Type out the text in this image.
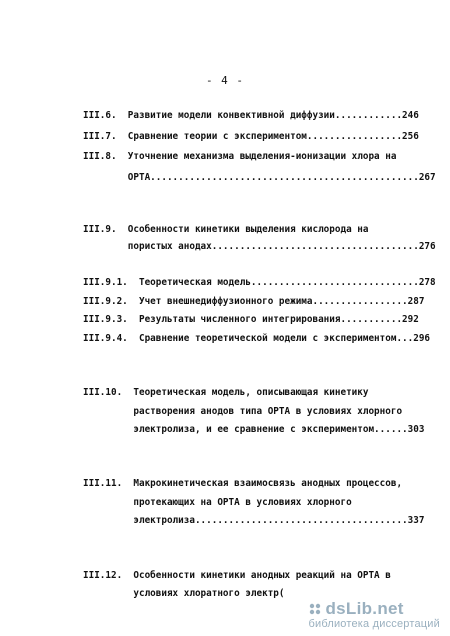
- 4 -
III.6.  Развитие модели конвективной диффузии............246
III.7.  Сравнение теории с экспериментом.................256
III.8.  Уточнение механизма выделения-ионизации хлора на
ОРТА................................................267
III.9.  Особенности кинетики выделения кислорода на
пористых анодах.....................................276
III.9.1.  Теоретическая модель..............................278
III.9.2.  Учет внешнедиффузионного режима.................287
III.9.3.  Результаты численного интегрирования...........292
III.9.4.  Сравнение теоретической модели с экспериментом...296
III.10.  Теоретическая модель, описывающая кинетику
растворения анодов типа ОРТА в условиях хлорного
электролиза, и ее сравнение с экспериментом......303
III.11.  Макрокинетическая взаимосвязь анодных процессов,
протекающих на ОРТА в условиях хлорного
электролиза......................................337
III.12.  Особенности кинетики анодных реакций на ОРТА в
условиях хлоратного электр(
dsLib.net
библиотека диссертаций
